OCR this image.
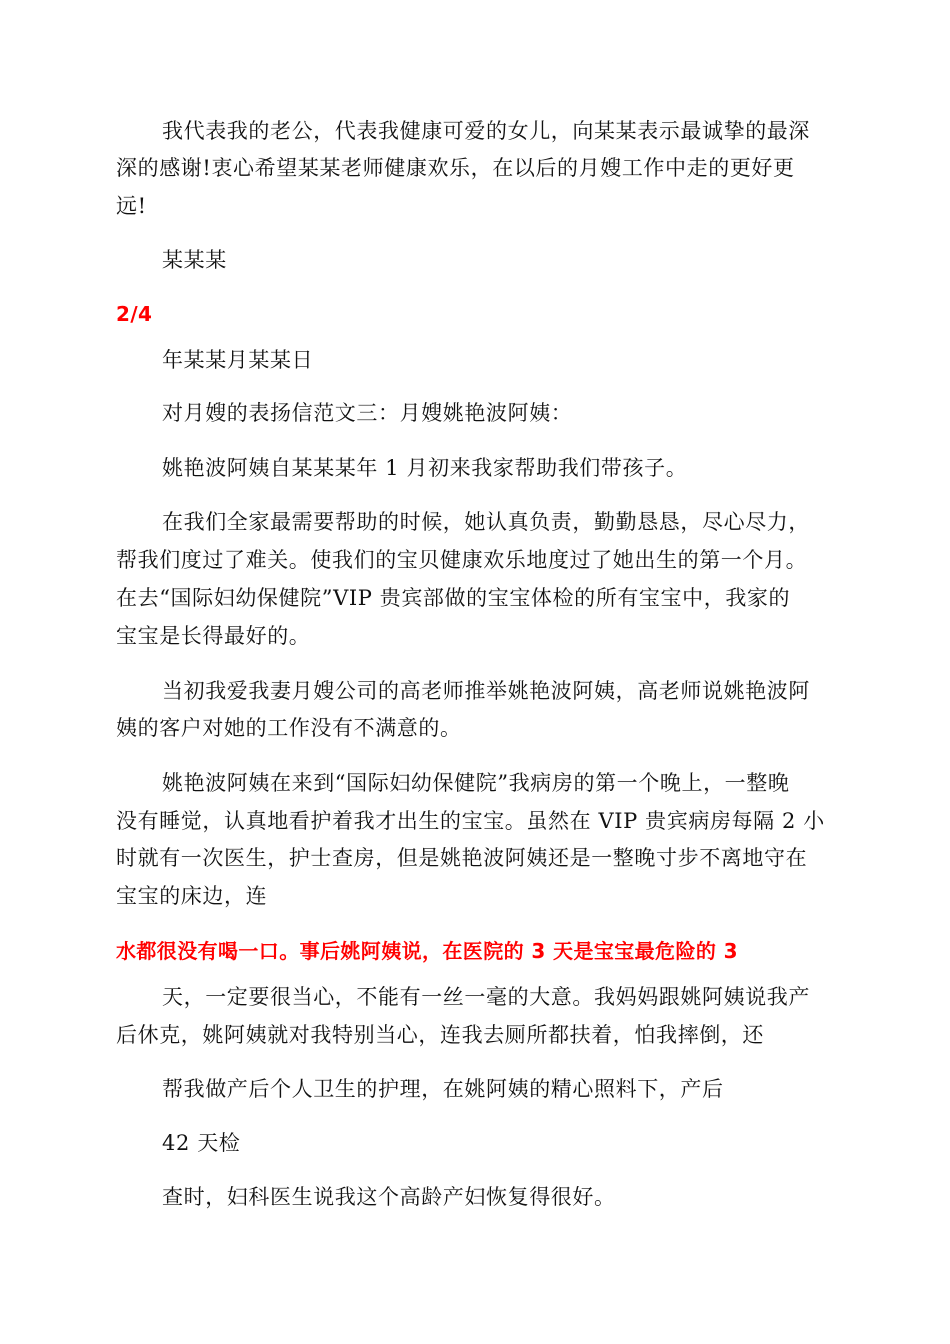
我代表我的老公，代表我健康可爱的女儿，向某某表示最诚挚的最深
深的感谢!衷心希望某某老师健康欢乐，在以后的月嫂工作中走的更好更
远!
某某某
2/4
年某某月某某日
对月嫂的表扬信范文三：月嫂姚艳波阿姨：
姚艳波阿姨自某某某年 1 月初来我家帮助我们带孩子。
在我们全家最需要帮助的时候，她认真负责，勤勤恳恳，尽心尽力，
帮我们度过了难关。使我们的宝贝健康欢乐地度过了她出生的第一个月。
在去“国际妇幼保健院”VIP 贵宾部做的宝宝体检的所有宝宝中，我家的
宝宝是长得最好的。
当初我爱我妻月嫂公司的高老师推举姚艳波阿姨，高老师说姚艳波阿
姨的客户对她的工作没有不满意的。
姚艳波阿姨在来到“国际妇幼保健院”我病房的第一个晚上，一整晚
没有睡觉，认真地看护着我才出生的宝宝。虽然在 VIP 贵宾病房每隔 2 小
时就有一次医生，护士查房，但是姚艳波阿姨还是一整晚寸步不离地守在
宝宝的床边，连
水都很没有喝一口。事后姚阿姨说，在医院的 3 天是宝宝最危险的 3
天，一定要很当心，不能有一丝一毫的大意。我妈妈跟姚阿姨说我产
后休克，姚阿姨就对我特别当心，连我去厕所都扶着，怕我摔倒，还
帮我做产后个人卫生的护理，在姚阿姨的精心照料下，产后
42 天检
查时，妇科医生说我这个高龄产妇恢复得很好。
